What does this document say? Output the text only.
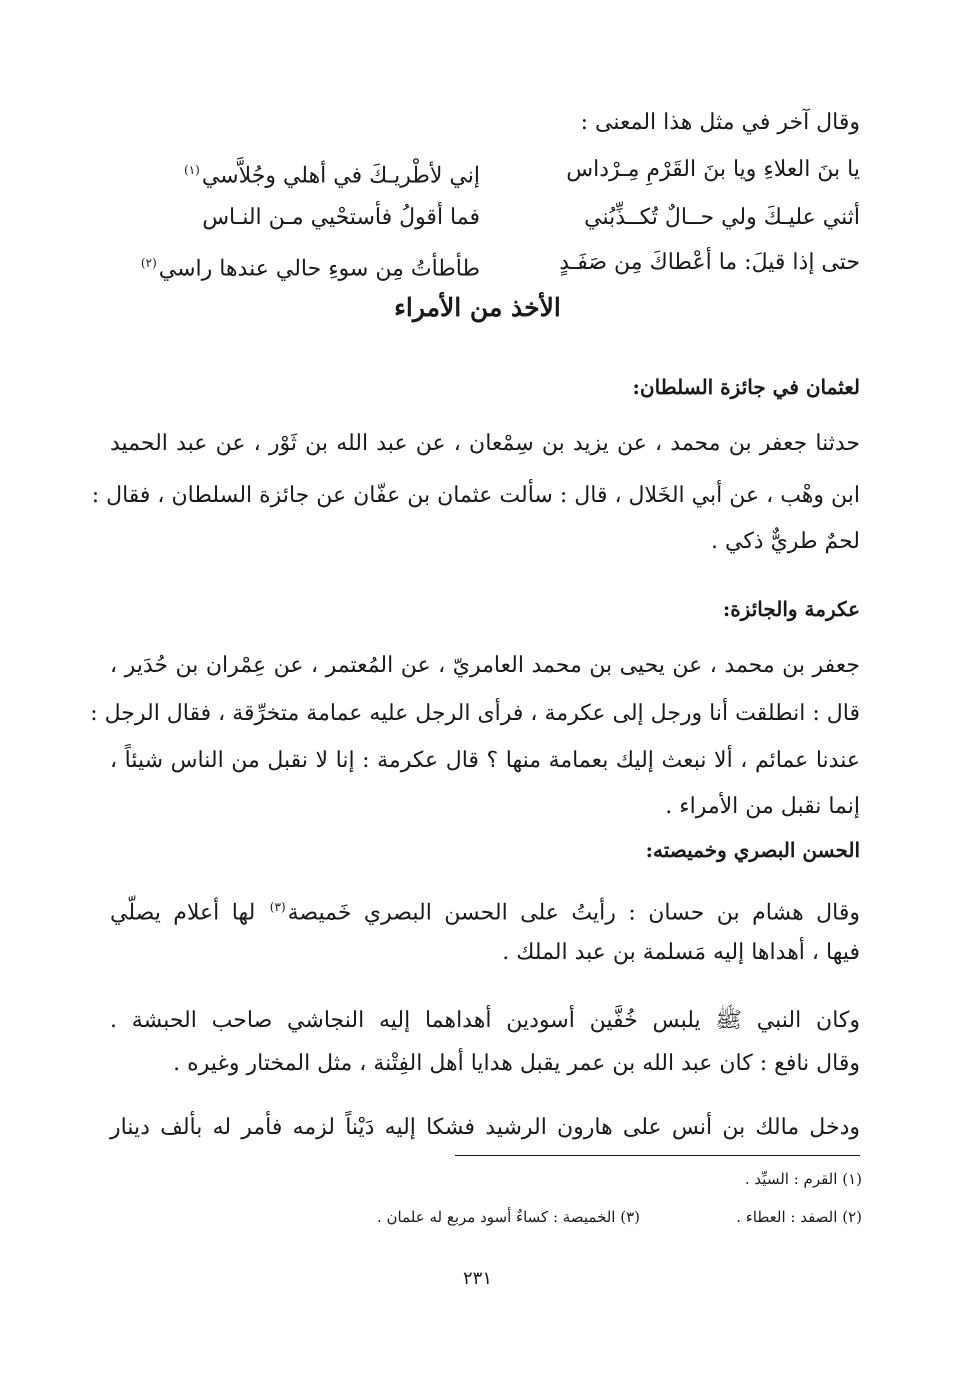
وقال آخر في مثل هذا المعنى :
يا بنَ العلاءِ ويا بنَ القَرْمِ مِـرْداس
إني لأطْريـكَ في أهلي وجُلاَّسي$^{(١)}$
أثني عليـكَ ولي حــالٌ تُكــذِّبُني
فما أقولُ فأستحْيي مـن النـاس
حتى إذا قيلَ: ما أعْطاكَ مِن صَفَـدٍ
طأطأتُ مِن سوءِ حالي عندها راسي$^{(٢)}$
الأخذ من الأمراء
لعثمان في جائزة السلطان:
حدثنا جعفر بن محمد ، عن يزيد بن سِمْعان ، عن عبد الله بن ثَوْر ، عن عبد الحميد
ابن وهْب ، عن أبي الخَلال ، قال : سألت عثمان بن عفّان عن جائزة السلطان ، فقال :
لحمٌ طريٌّ ذكي .
عكرمة والجائزة:
جعفر بن محمد ، عن يحيى بن محمد العامريّ ، عن المُعتمر ، عن عِمْران بن حُدَير ،
قال : انطلقت أنا ورجل إلى عكرمة ، فرأى الرجل عليه عمامة متخرِّقة ، فقال الرجل :
عندنا عمائم ، ألا نبعث إليك بعمامة منها ؟ قال عكرمة : إنا لا نقبل من الناس شيئاً ،
إنما نقبل من الأمراء .
الحسن البصري وخميصته:
وقال هشام بن حسان : رأيتُ على الحسن البصري خَميصة$^{(٣)}$ لها أعلام يصلّي
فيها ، أهداها إليه مَسلمة بن عبد الملك .
وكان النبي ﷺ يلبس خُفَّين أسودين أهداهما إليه النجاشي صاحب الحبشة .
وقال نافع : كان عبد الله بن عمر يقبل هدايا أهل الفِتْنة ، مثل المختار وغيره .
ودخل مالك بن أنس على هارون الرشيد فشكا إليه دَيْناً لزمه فأمر له بألف دينار
(١) القرم : السيِّد .
(٢) الصفد : العطاء .
(٣) الخميصة : كساءٌ أسود مربع له علمان .
٢٣١
